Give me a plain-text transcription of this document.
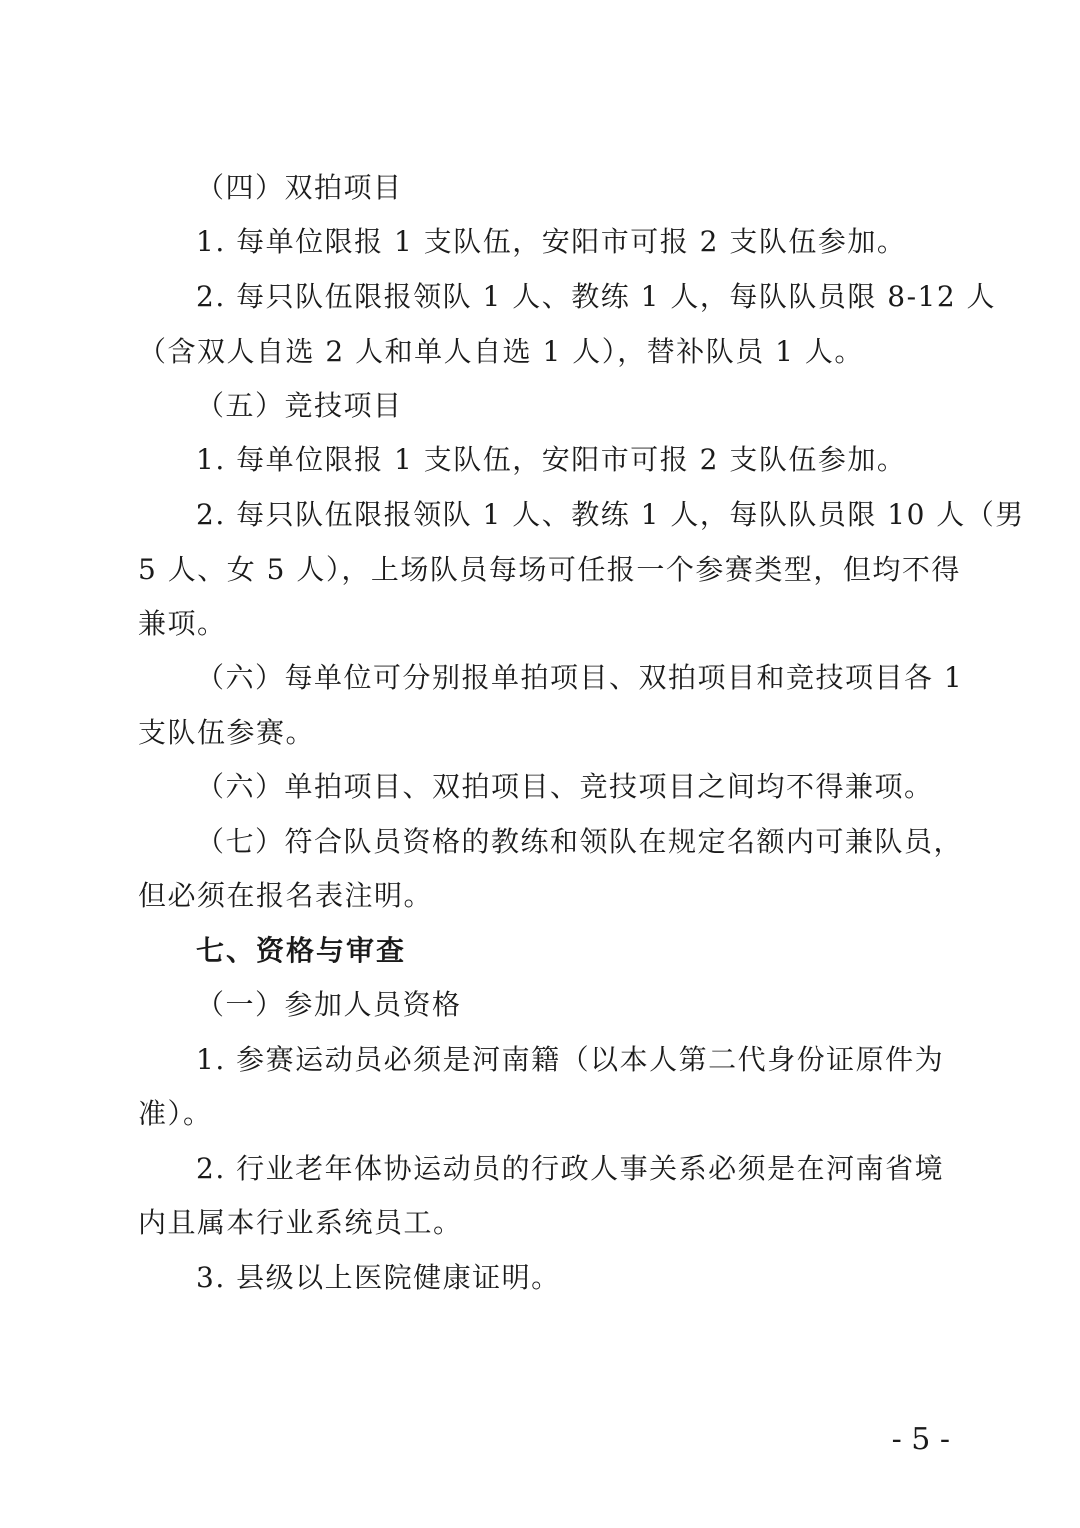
（四）双拍项目
1. 每单位限报 1 支队伍，安阳市可报 2 支队伍参加。
2. 每只队伍限报领队 1 人、教练 1 人，每队队员限 8-12 人
（含双人自选 2 人和单人自选 1 人），替补队员 1 人。
（五）竞技项目
1. 每单位限报 1 支队伍，安阳市可报 2 支队伍参加。
2. 每只队伍限报领队 1 人、教练 1 人，每队队员限 10 人（男
5 人、女 5 人），上场队员每场可任报一个参赛类型，但均不得
兼项。
（六）每单位可分别报单拍项目、双拍项目和竞技项目各 1
支队伍参赛。
（六）单拍项目、双拍项目、竞技项目之间均不得兼项。
（七）符合队员资格的教练和领队在规定名额内可兼队员，
但必须在报名表注明。
七、资格与审查
（一）参加人员资格
1. 参赛运动员必须是河南籍（以本人第二代身份证原件为
准）。
2. 行业老年体协运动员的行政人事关系必须是在河南省境
内且属本行业系统员工。
3. 县级以上医院健康证明。
- 5 -
